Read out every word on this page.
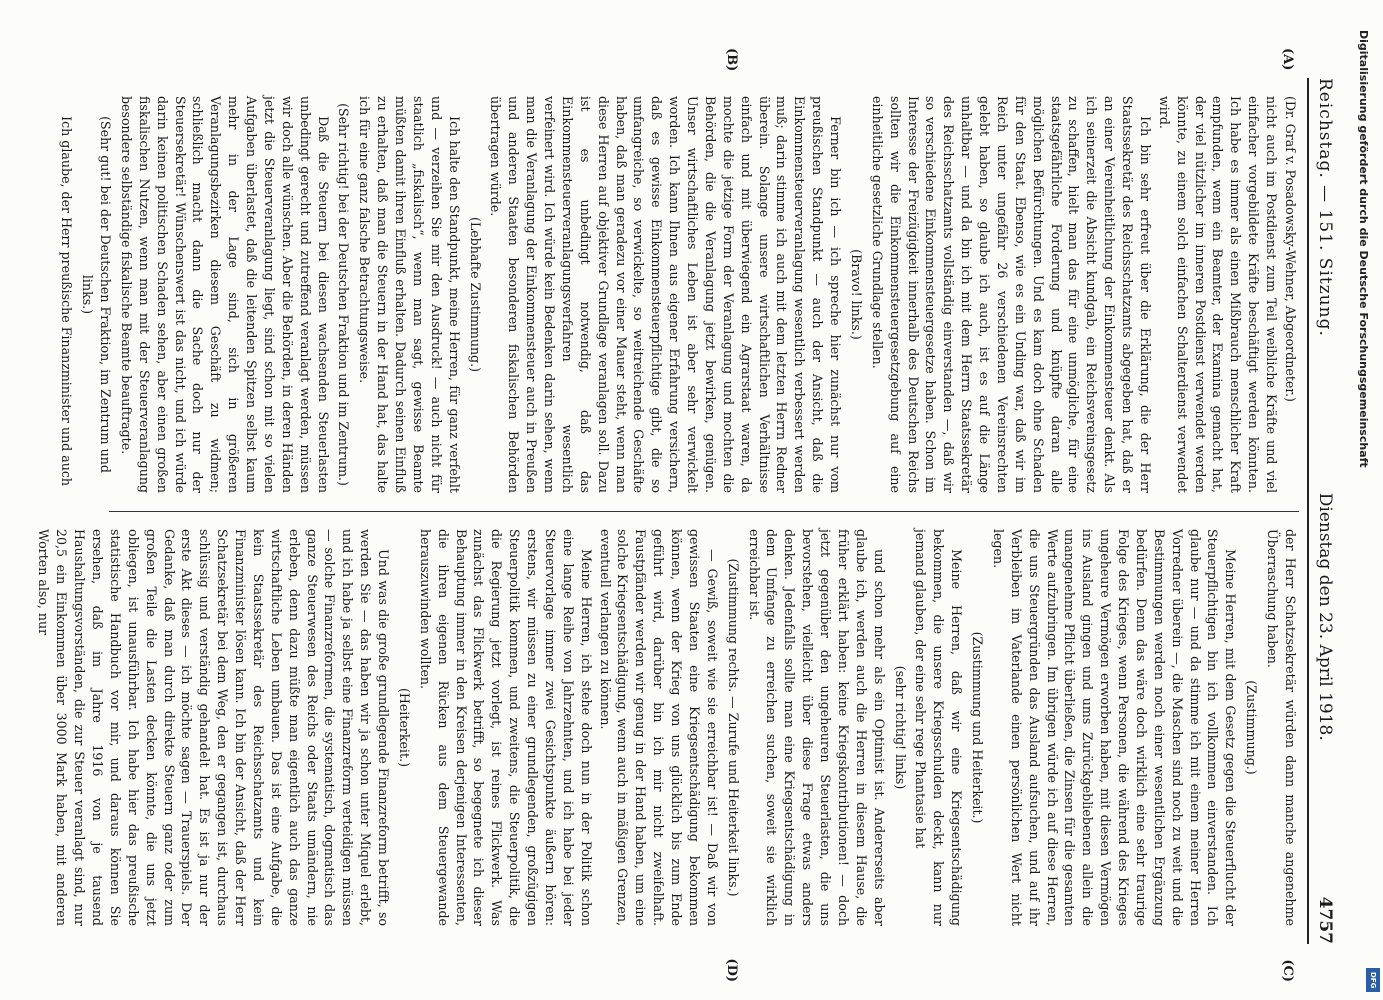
Reichstag. — 151. Sitzung.
Dienstag den 23. April 1918.
4757

(Dr. Graf v. Posadowsky-Wehner, Abgeordneter.)

nicht auch im Postdienst zum Teil weibliche Kräfte und viel einfacher vorgebildete Kräfte beschäftigt werden könnten. Ich habe es immer als einen Mißbrauch menschlicher Kraft empfunden, wenn ein Beamter, der Examina gemacht hat, der viel nützlicher im inneren Postdienst verwendet werden könnte, zu einem solch einfachen Schalterdienst verwendet wird.

Ich bin sehr erfreut über die Erklärung, die der Herr Staatssekretär des Reichsschatzamts abgegeben hat, daß er an einer Vereinheitlichung der Einkommensteuer denkt. Als ich seinerzeit die Absicht kundgab, ein Reichsvereinsgesetz zu schaffen, hielt man das für eine unmögliche, für eine staatsgefährliche Forderung und knüpfte daran alle möglichen Befürchtungen. Und es kam doch ohne Schaden für den Staat. Ebenso, wie es ein Unding war, daß wir im Reich unter ungefähr 26 verschiedenen Vereinsrechten gelebt haben, so glaube ich auch, ist es auf die Länge unhaltbar — und da bin ich mit dem Herrn Staatssekretär des Reichsschatzamts vollständig einverstanden —, daß wir so verschiedene Einkommensteuergesetze haben. Schon im Interesse der Freizügigkeit innerhalb des Deutschen Reichs sollten wir die Einkommensteuergesetzgebung auf eine einheitliche gesetzliche Grundlage stellen.

(Bravo! links.)

Ferner bin ich — ich spreche hier zunächst nur vom preußischen Standpunkt — auch der Ansicht, daß die Einkommensteuerveranlagung wesentlich verbessert werden muß; darin stimme ich auch mit dem letzten Herrn Redner überein. Solange unsere wirtschaftlichen Verhältnisse einfach und mit überwiegend ein Agrarstaat waren, da mochte die jetzige Form der Veranlagung und mochten die Behörden, die die Veranlagung jetzt bewirken, genügen. Unser wirtschaftliches Leben ist aber sehr verwickelt worden. Ich kann Ihnen aus eigener Erfahrung versichern, daß es gewisse Einkommensteuerpflichtige gibt, die so umfangreiche, so verwickelte, so weitreichende Geschäfte haben, daß man geradezu vor einer Mauer steht, wenn man diese Herren auf objektiver Grundlage veranlagen soll. Dazu ist es unbedingt notwendig, daß das Einkommensteuerveranlagungsverfahren wesentlich verfeinert wird. Ich würde kein Bedenken darin sehen, wenn man die Veranlagung der Einkommensteuer auch in Preußen und anderen Staaten besonderen fiskalischen Behörden übertragen würde.

(Lebhafte Zustimmung.)

Ich halte den Standpunkt, meine Herren, für ganz verfehlt und — verzeihen Sie mir den Ausdruck! — auch nicht für staatlich „fiskalisch“, wenn man sagt, gewisse Beamte müßten damit ihren Einfluß erhalten. Dadurch seinen Einfluß zu erhalten, daß man die Steuern in der Hand hat, das halte ich für eine ganz falsche Betrachtungsweise.

(Sehr richtig! bei der Deutschen Fraktion und im Zentrum.)

Daß die Steuern bei diesen wachsenden Steuerlasten unbedingt gerecht und zutreffend veranlagt werden, müssen wir doch alle wünschen. Aber die Behörden, in deren Händen jetzt die Steuerveranlagung liegt, sind schon mit so vielen Aufgaben überlastet, daß die leitenden Spitzen selbst kaum mehr in der Lage sind, sich in größeren Veranlagungsbezirken diesem Geschäft zu widmen; schließlich macht dann die Sache doch nur der Steuersekretär! Wünschenswert ist das nicht, und ich würde darin keinen politischen Schaden sehen, aber einen großen fiskalischen Nutzen, wenn man mit der Steuerveranlagung besondere selbständige fiskalische Beamte beauftragte.

(Sehr gut! bei der Deutschen Fraktion, im Zentrum und links.)

Ich glaube, der Herr preußische Finanzminister und auch

der Herr Schatzsekretär würden dann manche angenehme Überraschung haben.

(Zustimmung.)

Meine Herren, mit dem Gesetz gegen die Steuerflucht der Steuerpflichtigen bin ich vollkommen einverstanden. Ich glaube nur — und da stimme ich mit einem meiner Herren Vorredner überein —, die Maschen sind noch zu weit und die Bestimmungen werden noch einer wesentlichen Ergänzung bedürfen. Denn das wäre doch wirklich eine sehr traurige Folge des Krieges, wenn Personen, die während des Krieges ungeheure Vermögen erworben haben, mit diesen Vermögen ins Ausland gingen und ums Zurückgebliebenen allein die unangenehme Pflicht überließen, die Zinsen für die gesamten Werte aufzubringen. Im übrigen würde ich auf diese Herren, die uns Steuergründen das Ausland aufsuchen, und auf ihr Verbleiben im Vaterlande einen persönlichen Wert nicht legen.

(Zustimmung und Heiterkeit.)

Meine Herren, daß wir eine Kriegsentschädigung bekommen, die unsere Kriegsschulden deckt, kann nur jemand glauben, der eine sehr rege Phantasie hat

(sehr richtig! links)

und schon mehr als ein Optimist ist. Andererseits aber glaube ich, werden auch die Herren in diesem Hause, die früher erklärt haben: keine Kriegskontributionen! — doch jetzt gegenüber den ungeheuren Steuerlasten, die uns bevorstehen, vielleicht über diese Frage etwas anders denken. Jedenfalls sollte man eine Kriegsentschädigung in dem Umfange zu erreichen suchen, soweit sie wirklich erreichbar ist.

(Zustimmung rechts. — Zurufe und Heiterkeit links.)

— Gewiß, soweit wie sie erreichbar ist! — Daß wir von gewissen Staaten eine Kriegsentschädigung bekommen können, wenn der Krieg von uns glücklich bis zum Ende geführt wird, darüber bin ich mir nicht zweifelhaft. Faustpfänder werden wir genug in der Hand haben, um eine solche Kriegsentschädigung, wenn auch in mäßigen Grenzen, eventuell verlangen zu können.

Meine Herren, ich stehe doch nun in der Politik schon eine lange Reihe von Jahrzehnten, und ich habe bei jeder Steuervorlage immer zwei Gesichtspunkte äußern hören: erstens, wir müssen zu einer grundlegenden, großzügigen Steuerpolitik kommen, und zweitens, die Steuerpolitik, die die Regierung jetzt vorlegt, ist reines Flickwerk. Was zunächst das Flickwerk betrifft, so begegnete ich dieser Behauptung immer in den Kreisen derjenigen Interessenten, die ihren eigenen Rücken aus dem Steuergewande herauszuwinden wollten.

(Heiterkeit.)

Und was die große grundlegende Finanzreform betrifft, so werden Sie — das haben wir ja schon unter Miquel erlebt, und ich habe ja selbst eine Finanzreform verteidigen müssen — solche Finanzreformen, die systematisch, dogmatisch das ganze Steuerwesen des Reichs oder Staats umändern, nie erleben, denn dazu müßte man eigentlich auch das ganze wirtschaftliche Leben umbauen. Das ist eine Aufgabe, die kein Staatssekretär des Reichsschatzamts und kein Finanzminister lösen kann. Ich bin der Ansicht, daß der Herr Schatzsekretär bei dem Weg, den er gegangen ist, durchaus schlüssig und verständig gehandelt hat. Es ist ja nur der erste Akt dieses — ich möchte sagen — Trauerspiels. Der Gedanke, daß man durch direkte Steuern ganz oder zum großen Teile die Lasten decken könnte, die uns jetzt obliegen, ist unausführbar. Ich habe hier das preußische statistische Handbuch vor mir, und daraus können Sie ersehen, daß im Jahre 1916 von je tausend Haushaltungsvorständen, die zur Steuer veranlagt sind, nur 20,5 ein Einkommen über 3000 Mark haben, mit anderen Worten also, nur

(A)
(B)
(C)
(D)
Digitalisierung gefördert durch die Deutsche Forschungsgemeinschaft
DFG
